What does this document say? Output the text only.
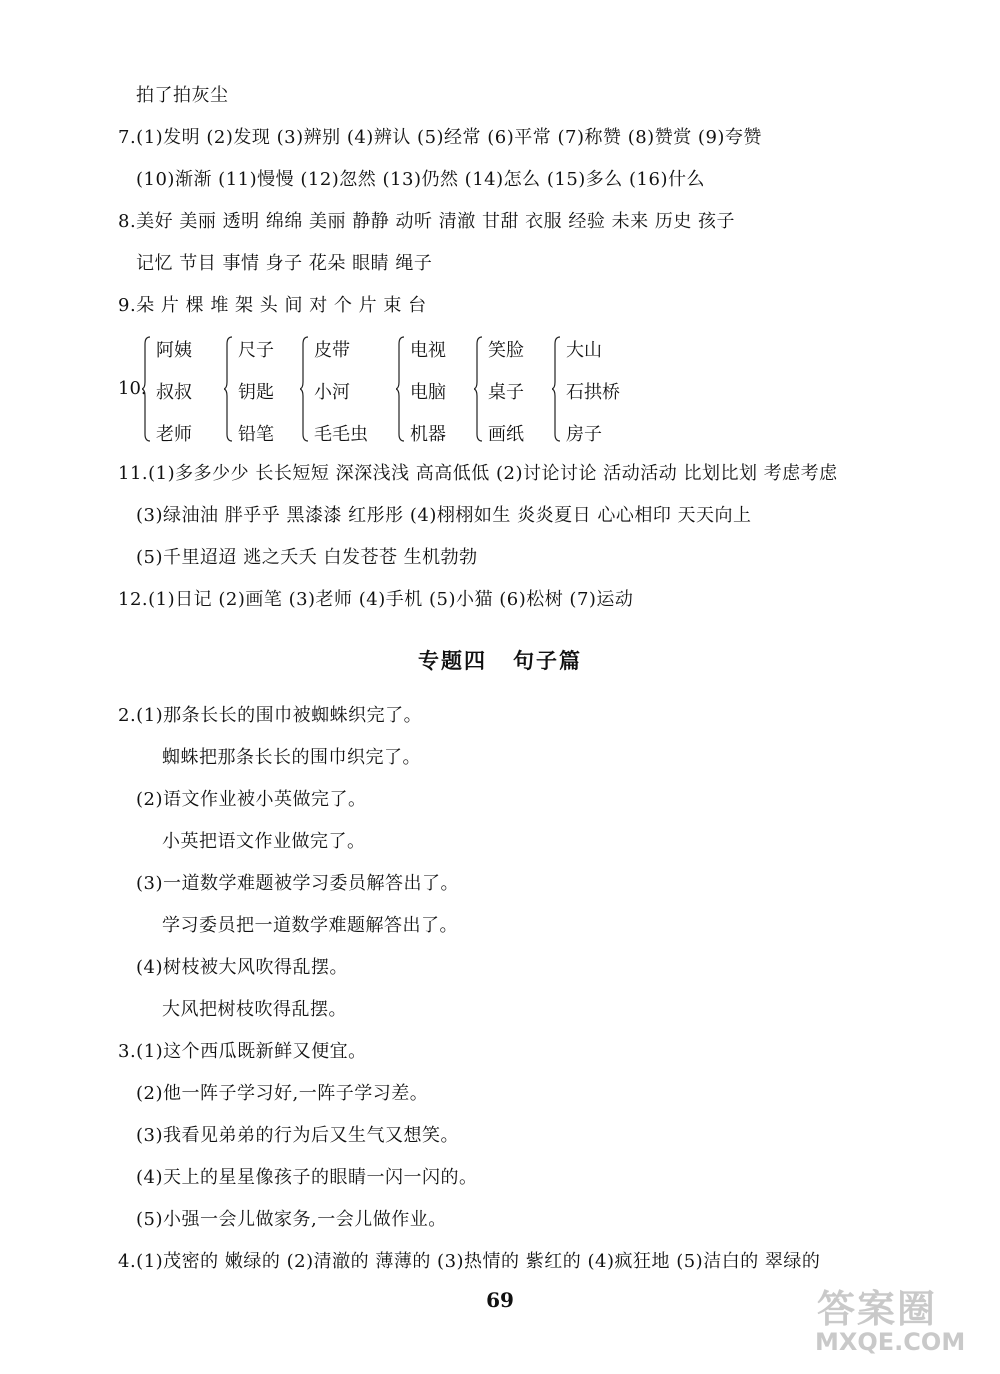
拍了拍灰尘
7.(1)发明 (2)发现 (3)辨别 (4)辨认 (5)经常 (6)平常 (7)称赞 (8)赞赏 (9)夸赞
(10)渐渐 (11)慢慢 (12)忽然 (13)仍然 (14)怎么 (15)多么 (16)什么
8.美好 美丽 透明 绵绵 美丽 静静 动听 清澈 甘甜 衣服 经验 未来 历史 孩子
记忆 节目 事情 身子 花朵 眼睛 绳子
9.朵 片 棵 堆 架 头 间 对 个 片 束 台
10.
阿姨
叔叔
老师
尺子
钥匙
铅笔
皮带
小河
毛毛虫
电视
电脑
机器
笑脸
桌子
画纸
大山
石拱桥
房子
11.(1)多多少少 长长短短 深深浅浅 高高低低 (2)讨论讨论 活动活动 比划比划 考虑考虑
(3)绿油油 胖乎乎 黑漆漆 红彤彤 (4)栩栩如生 炎炎夏日 心心相印 天天向上
(5)千里迢迢 逃之夭夭 白发苍苍 生机勃勃
12.(1)日记 (2)画笔 (3)老师 (4)手机 (5)小猫 (6)松树 (7)运动
专题四 句子篇
2.(1)那条长长的围巾被蜘蛛织完了。
蜘蛛把那条长长的围巾织完了。
(2)语文作业被小英做完了。
小英把语文作业做完了。
(3)一道数学难题被学习委员解答出了。
学习委员把一道数学难题解答出了。
(4)树枝被大风吹得乱摆。
大风把树枝吹得乱摆。
3.(1)这个西瓜既新鲜又便宜。
(2)他一阵子学习好,一阵子学习差。
(3)我看见弟弟的行为后又生气又想笑。
(4)天上的星星像孩子的眼睛一闪一闪的。
(5)小强一会儿做家务,一会儿做作业。
4.(1)茂密的 嫩绿的 (2)清澈的 薄薄的 (3)热情的 紫红的 (4)疯狂地 (5)洁白的 翠绿的
69	答案圈
MXQE.COM
